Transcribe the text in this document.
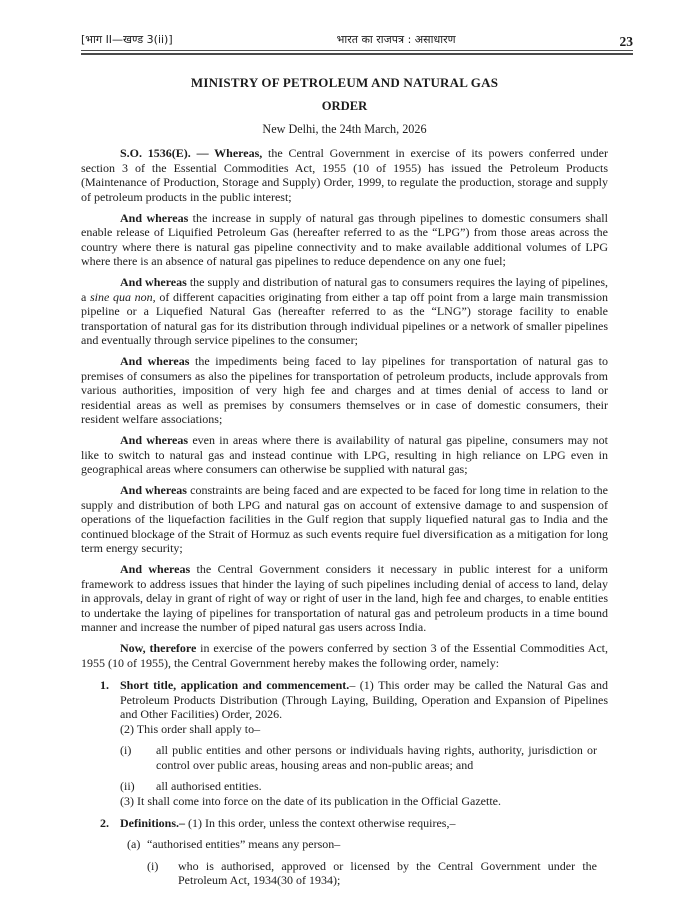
[भाग II—खण्ड 3(ii)]	भारत का राजपत्र : असाधारण	23
MINISTRY OF PETROLEUM AND NATURAL GAS
ORDER
New Delhi, the 24th March, 2026

S.O. 1536(E). — Whereas, the Central Government in exercise of its powers conferred under section 3 of the Essential Commodities Act, 1955 (10 of 1955) has issued the Petroleum Products (Maintenance of Production, Storage and Supply) Order, 1999, to regulate the production, storage and supply of petroleum products in the public interest;

And whereas the increase in supply of natural gas through pipelines to domestic consumers shall enable release of Liquified Petroleum Gas (hereafter referred to as the “LPG”) from those areas across the country where there is natural gas pipeline connectivity and to make available additional volumes of LPG where there is an absence of natural gas pipelines to reduce dependence on any one fuel;

And whereas the supply and distribution of natural gas to consumers requires the laying of pipelines, a sine qua non, of different capacities originating from either a tap off point from a large main transmission pipeline or a Liquefied Natural Gas (hereafter referred to as the “LNG”) storage facility to enable transportation of natural gas for its distribution through individual pipelines or a network of smaller pipelines and eventually through service pipelines to the consumer;

And whereas the impediments being faced to lay pipelines for transportation of natural gas to premises of consumers as also the pipelines for transportation of petroleum products, include approvals from various authorities, imposition of very high fee and charges and at times denial of access to land or residential areas as well as premises by consumers themselves or in case of domestic consumers, their resident welfare associations;

And whereas even in areas where there is availability of natural gas pipeline, consumers may not like to switch to natural gas and instead continue with LPG, resulting in high reliance on LPG even in geographical areas where consumers can otherwise be supplied with natural gas;

And whereas constraints are being faced and are expected to be faced for long time in relation to the supply and distribution of both LPG and natural gas on account of extensive damage to and suspension of operations of the liquefaction facilities in the Gulf region that supply liquefied natural gas to India and the continued blockage of the Strait of Hormuz as such events require fuel diversification as a mitigation for long term energy security;

And whereas the Central Government considers it necessary in public interest for a uniform framework to address issues that hinder the laying of such pipelines including denial of access to land, delay in approvals, delay in grant of right of way or right of user in the land, high fee and charges, to enable entities to undertake the laying of pipelines for transportation of natural gas and petroleum products in a time bound manner and increase the number of piped natural gas users across India.

Now, therefore in exercise of the powers conferred by section 3 of the Essential Commodities Act, 1955 (10 of 1955), the Central Government hereby makes the following order, namely:

1. Short title, application and commencement.– (1) This order may be called the Natural Gas and Petroleum Products Distribution (Through Laying, Building, Operation and Expansion of Pipelines and Other Facilities) Order, 2026.

(2) This order shall apply to–

(i)	all public entities and other persons or individuals having rights, authority, jurisdiction or control over public areas, housing areas and non-public areas; and
(ii)	all authorised entities.

(3) It shall come into force on the date of its publication in the Official Gazette.

2. Definitions.– (1) In this order, unless the context otherwise requires,–

(a) “authorised entities” means any person–

(i)	who is authorised, approved or licensed by the Central Government under the Petroleum Act, 1934(30 of 1934);
